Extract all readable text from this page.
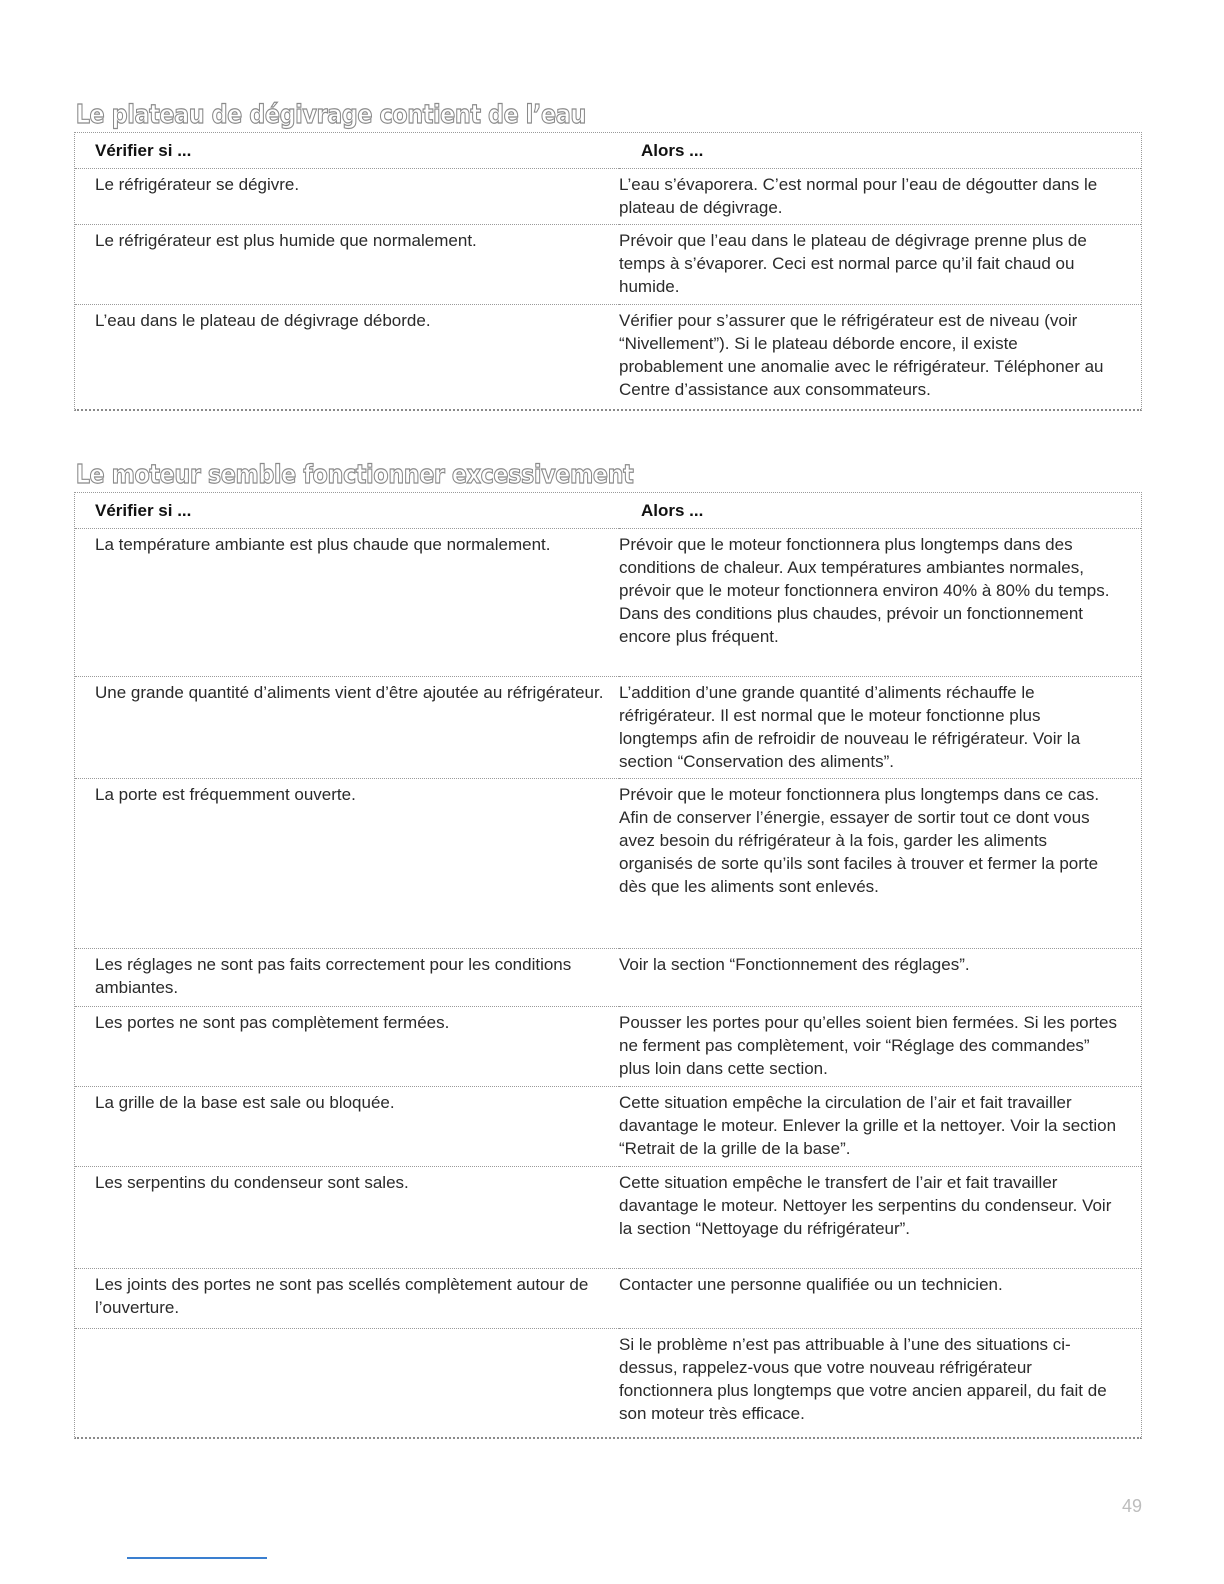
Le plateau de dégivrage contient de l’eau
Vérifier si ...	Alors ...
Le réfrigérateur se dégivre.	L’eau s’évaporera. C’est normal pour l’eau de dégoutter dans le plateau de dégivrage.
Le réfrigérateur est plus humide que normalement.	Prévoir que l’eau dans le plateau de dégivrage prenne plus de temps à s’évaporer. Ceci est normal parce qu’il fait chaud ou humide.
L’eau dans le plateau de dégivrage déborde.	Vérifier pour s’assurer que le réfrigérateur est de niveau (voir “Nivellement”). Si le plateau déborde encore, il existe probablement une anomalie avec le réfrigérateur. Téléphoner au Centre d’assistance aux consommateurs.
Le moteur semble fonctionner excessivement
Vérifier si ...	Alors ...
La température ambiante est plus chaude que normalement.	Prévoir que le moteur fonctionnera plus longtemps dans des conditions de chaleur. Aux températures ambiantes normales, prévoir que le moteur fonctionnera environ 40% à 80% du temps. Dans des conditions plus chaudes, prévoir un fonctionnement encore plus fréquent.
Une grande quantité d’aliments vient d’être ajoutée au réfrigérateur.	L’addition d’une grande quantité d’aliments réchauffe le réfrigérateur. Il est normal que le moteur fonctionne plus longtemps afin de refroidir de nouveau le réfrigérateur. Voir la section “Conservation des aliments”.
La porte est fréquemment ouverte.	Prévoir que le moteur fonctionnera plus longtemps dans ce cas. Afin de conserver l’énergie, essayer de sortir tout ce dont vous avez besoin du réfrigérateur à la fois, garder les aliments organisés de sorte qu’ils sont faciles à trouver et fermer la porte dès que les aliments sont enlevés.
Les réglages ne sont pas faits correctement pour les conditions ambiantes.	Voir la section “Fonctionnement des réglages”.
Les portes ne sont pas complètement fermées.	Pousser les portes pour qu’elles soient bien fermées. Si les portes ne ferment pas complètement, voir “Réglage des commandes” plus loin dans cette section.
La grille de la base est sale ou bloquée.	Cette situation empêche la circulation de l’air et fait travailler davantage le moteur. Enlever la grille et la nettoyer. Voir la section “Retrait de la grille de la base”.
Les serpentins du condenseur sont sales.	Cette situation empêche le transfert de l’air et fait travailler davantage le moteur. Nettoyer les serpentins du condenseur. Voir la section “Nettoyage du réfrigérateur”.
Les joints des portes ne sont pas scellés complètement autour de l’ouverture.	Contacter une personne qualifiée ou un technicien.
	Si le problème n’est pas attribuable à l’une des situations ci-dessus, rappelez-vous que votre nouveau réfrigérateur fonctionnera plus longtemps que votre ancien appareil, du fait de son moteur très efficace.
49
